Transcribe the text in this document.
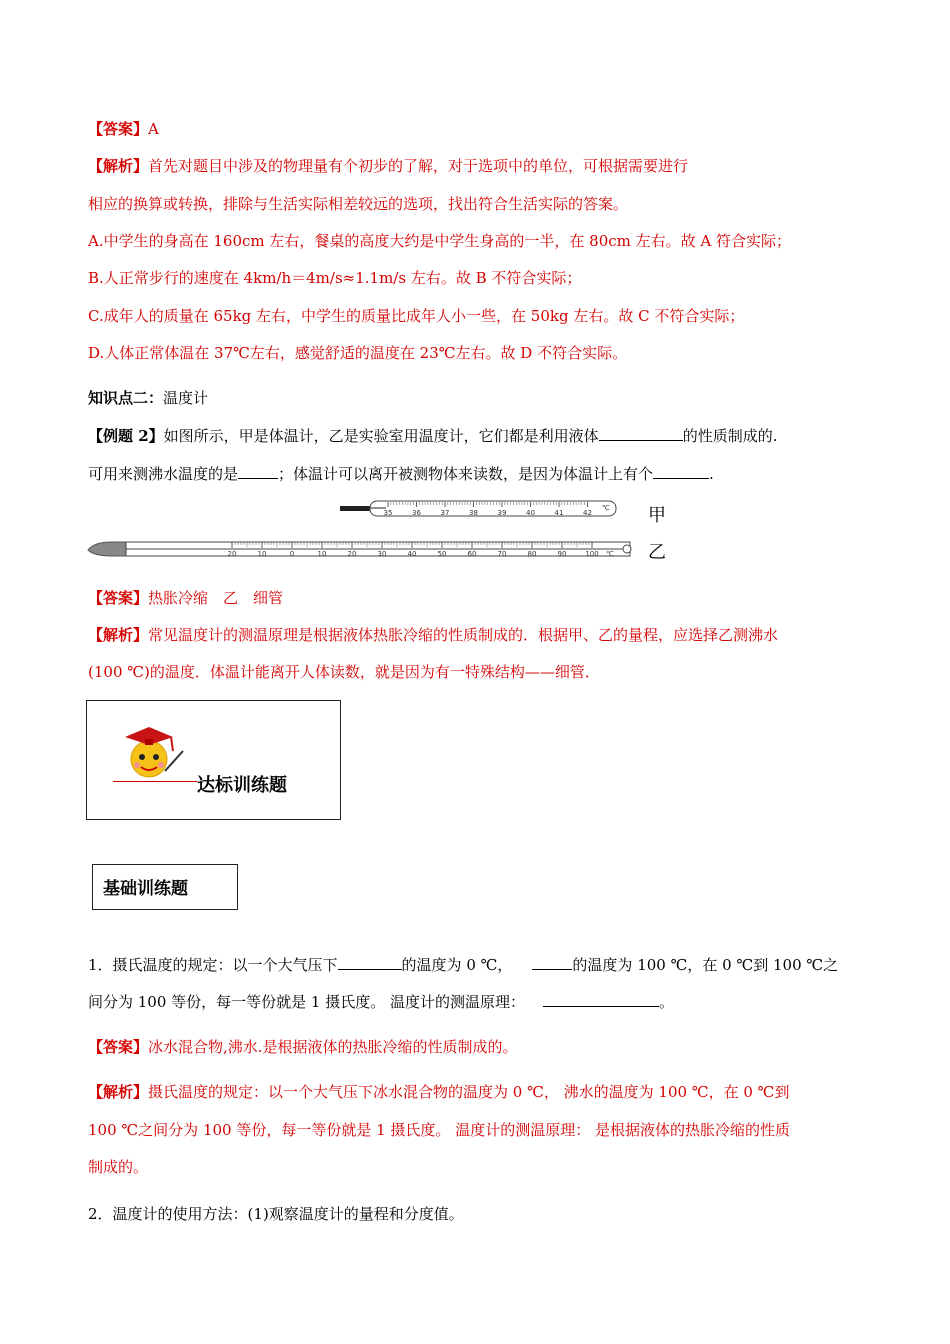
【答案】A
【解析】首先对题目中涉及的物理量有个初步的了解，对于选项中的单位，可根据需要进行
相应的换算或转换，排除与生活实际相差较远的选项，找出符合生活实际的答案。
A.中学生的身高在 160cm 左右，餐桌的高度大约是中学生身高的一半，在 80cm 左右。故 A 符合实际；
B.人正常步行的速度在 4km/h＝4m/s≈1.1m/s 左右。故 B 不符合实际；
C.成年人的质量在 65kg 左右，中学生的质量比成年人小一些，在 50kg 左右。故 C 不符合实际；
D.人体正常体温在 37℃左右，感觉舒适的温度在 23℃左右。故 D 不符合实际。
知识点二：温度计
【例题 2】如图所示，甲是体温计，乙是实验室用温度计，它们都是利用液体	的性质制成的.
可用来测沸水温度的是	；体温计可以离开被测物体来读数，是因为体温计上有个	.
35	36	37	38	39	40	41	42
℃
20	10	0	10	20	30	40	50	60	70	80	90	100 ℃
甲
乙
【答案】热胀冷缩　乙　细管
【解析】常见温度计的测温原理是根据液体热胀冷缩的性质制成的．根据甲、乙的量程，应选择乙测沸水
(100 ℃)的温度．体温计能离开人体读数，就是因为有一特殊结构——细管．
达标训练题
基础训练题
1．摄氏温度的规定：以一个大气压下	的温度为 0 ℃，	的温度为 100 ℃，在 0 ℃到 100 ℃之
间分为 100 等份，每一等份就是 1 摄氏度。 温度计的测温原理：	。
【答案】冰水混合物,沸水.是根据液体的热胀冷缩的性质制成的。
【解析】摄氏温度的规定：以一个大气压下冰水混合物的温度为 0 ℃， 沸水的温度为 100 ℃，在 0 ℃到
100 ℃之间分为 100 等份，每一等份就是 1 摄氏度。 温度计的测温原理： 是根据液体的热胀冷缩的性质
制成的。
2．温度计的使用方法：(1)观察温度计的量程和分度值。
